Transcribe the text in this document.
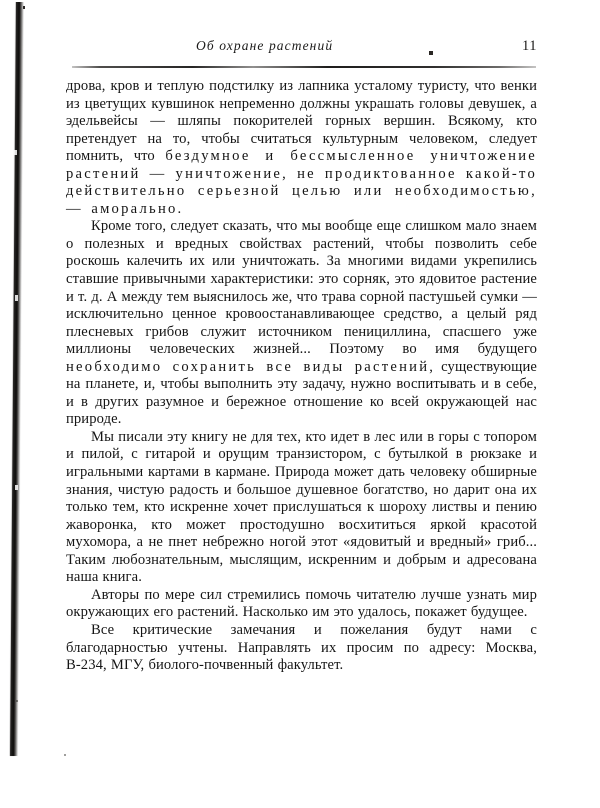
Об охране растений	11

дрова, кров и теплую подстилку из лапника усталому туристу, что венки из цветущих кувшинок непременно должны украшать головы девушек, а эдельвейсы — шляпы покорителей горных вершин. Всякому, кто претендует на то, чтобы считаться культурным человеком, следует помнить, что бездумное и бессмысленное уничтожение растений — уничтожение, не продиктованное какой-то действительно серьезной целью или необходимостью, — аморально.

Кроме того, следует сказать, что мы вообще еще слишком мало знаем о полезных и вредных свойствах растений, чтобы позволить себе роскошь калечить их или уничтожать. За многими видами укрепились ставшие привычными характеристики: это сорняк, это ядовитое растение и т. д. А между тем выяснилось же, что трава сорной пастушьей сумки — исключительно ценное кровоостанавливающее средство, а целый ряд плесневых грибов служит источником пенициллина, спасшего уже миллионы человеческих жизней... Поэтому во имя будущего необходимо сохранить все виды растений, существующие на планете, и, чтобы выполнить эту задачу, нужно воспитывать и в себе, и в других разумное и бережное отношение ко всей окружающей нас природе.

Мы писали эту книгу не для тех, кто идет в лес или в горы с топором и пилой, с гитарой и орущим транзистором, с бутылкой в рюкзаке и игральными картами в кармане. Природа может дать человеку обширные знания, чистую радость и большое душевное богатство, но дарит она их только тем, кто искренне хочет прислушаться к шороху листвы и пению жаворонка, кто может простодушно восхититься яркой красотой мухомора, а не пнет небрежно ногой этот «ядовитый и вредный» гриб... Таким любознательным, мыслящим, искренним и добрым и адресована наша книга.

Авторы по мере сил стремились помочь читателю лучше узнать мир окружающих его растений. Насколько им это удалось, покажет будущее.

Все критические замечания и пожелания будут нами с благодарностью учтены. Направлять их просим по адресу: Москва, В-234, МГУ, биолого-почвенный факультет.
